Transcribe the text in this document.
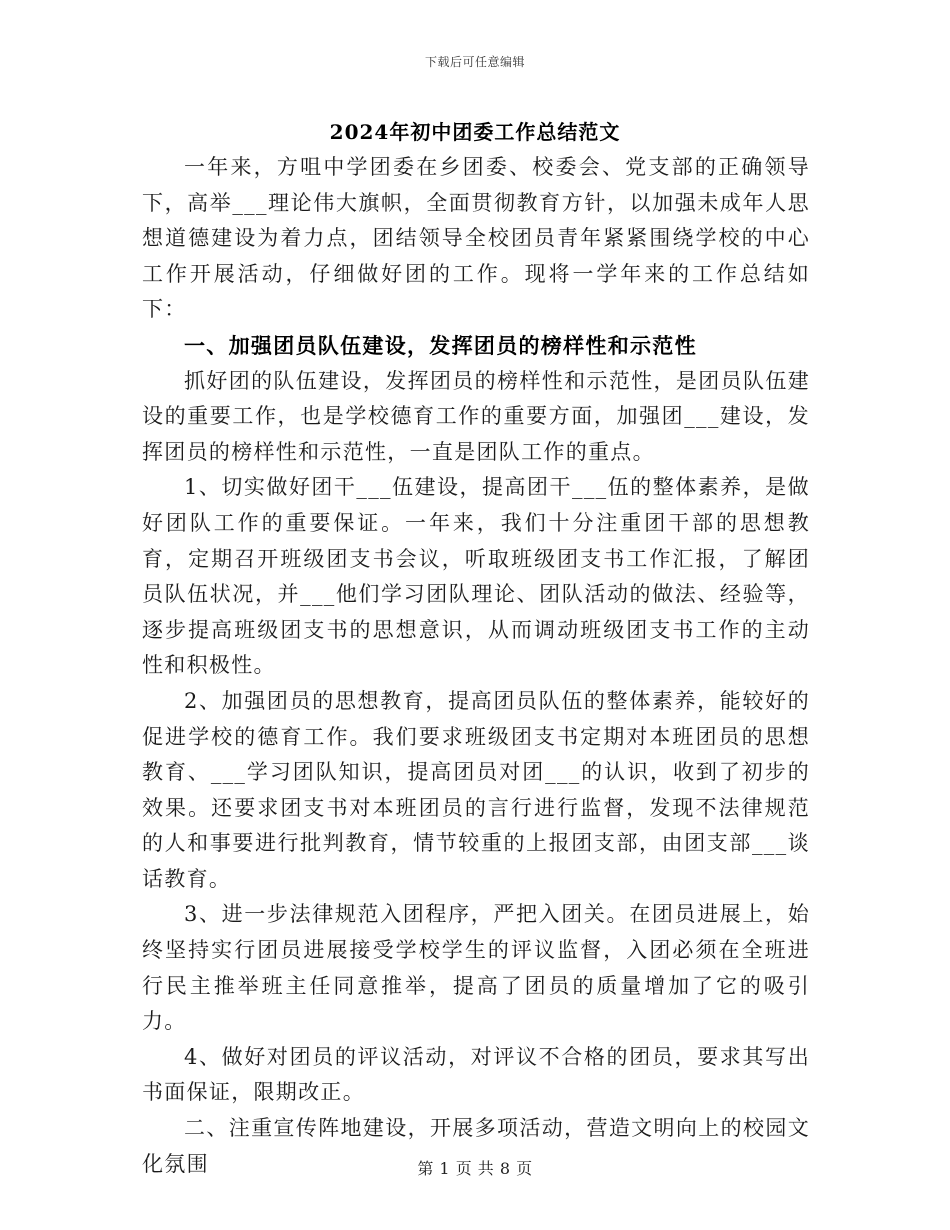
下载后可任意编辑
2024年初中团委工作总结范文

一年来，方咀中学团委在乡团委、校委会、党支部的正确领导下，高举___理论伟大旗帜，全面贯彻教育方针，以加强未成年人思想道德建设为着力点，团结领导全校团员青年紧紧围绕学校的中心工作开展活动，仔细做好团的工作。现将一学年来的工作总结如下：

一、加强团员队伍建设，发挥团员的榜样性和示范性

抓好团的队伍建设，发挥团员的榜样性和示范性，是团员队伍建设的重要工作，也是学校德育工作的重要方面，加强团___建设，发挥团员的榜样性和示范性，一直是团队工作的重点。

1、切实做好团干___伍建设，提高团干___伍的整体素养，是做好团队工作的重要保证。一年来，我们十分注重团干部的思想教育，定期召开班级团支书会议，听取班级团支书工作汇报，了解团员队伍状况，并___他们学习团队理论、团队活动的做法、经验等，逐步提高班级团支书的思想意识，从而调动班级团支书工作的主动性和积极性。

2、加强团员的思想教育，提高团员队伍的整体素养，能较好的促进学校的德育工作。我们要求班级团支书定期对本班团员的思想教育、___学习团队知识，提高团员对团___的认识，收到了初步的效果。还要求团支书对本班团员的言行进行监督，发现不法律规范的人和事要进行批判教育，情节较重的上报团支部，由团支部___谈话教育。

3、进一步法律规范入团程序，严把入团关。在团员进展上，始终坚持实行团员进展接受学校学生的评议监督，入团必须在全班进行民主推举班主任同意推举，提高了团员的质量增加了它的吸引力。

4、做好对团员的评议活动，对评议不合格的团员，要求其写出书面保证，限期改正。

二、注重宣传阵地建设，开展多项活动，营造文明向上的校园文化氛围	第 1 页 共 8 页
